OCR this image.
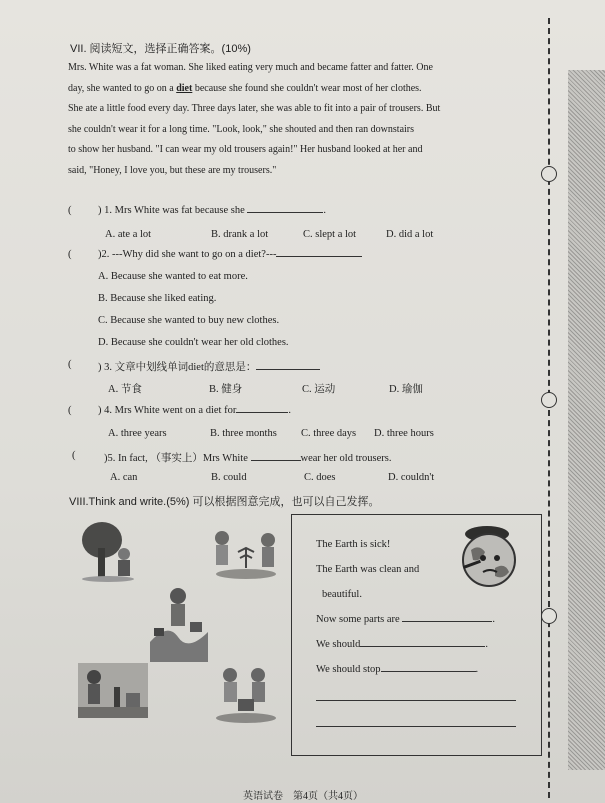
VII. 阅读短文，选择正确答案。(10%)
Mrs. White was a fat woman. She liked eating very much and became fatter and fatter. One
day, she wanted to go on a diet because she found she couldn't wear most of her clothes.
She ate a little food every day. Three days later, she was able to fit into a pair of trousers. But
she couldn't wear it for a long time. "Look, look," she shouted and then ran downstairs
to show her husband. "I can wear my old trousers again!" Her husband looked at her and
said, "Honey, I love you, but these are my trousers."
(	) 1. Mrs White was fat because she	.
A. ate a lot	B. drank a lot	C. slept a lot	D. did a lot
(	)2. ---Why did she want to go on a diet?---
A. Because she wanted to eat more.
B. Because she liked eating.
C. Because she wanted to buy new clothes.
D. Because she couldn't wear her old clothes.
(	) 3. 文章中划线单词diet的意思是：
A. 节食	B. 健身	C. 运动	D. 瑜伽
(	) 4. Mrs White went on a diet for	.
A. three years	B. three months C. three days D. three hours
(	)5. In fact, （事实上）Mrs White	wear her old trousers.
A. can	B. could	C. does	D. couldn't
VIII.Think and write.(5%) 可以根据图意完成，也可以自己发挥。
The Earth is sick!
The Earth was clean and
beautiful.
Now some parts are	.
We should	.
We should stop	.
英语试卷　第4页（共4页）
